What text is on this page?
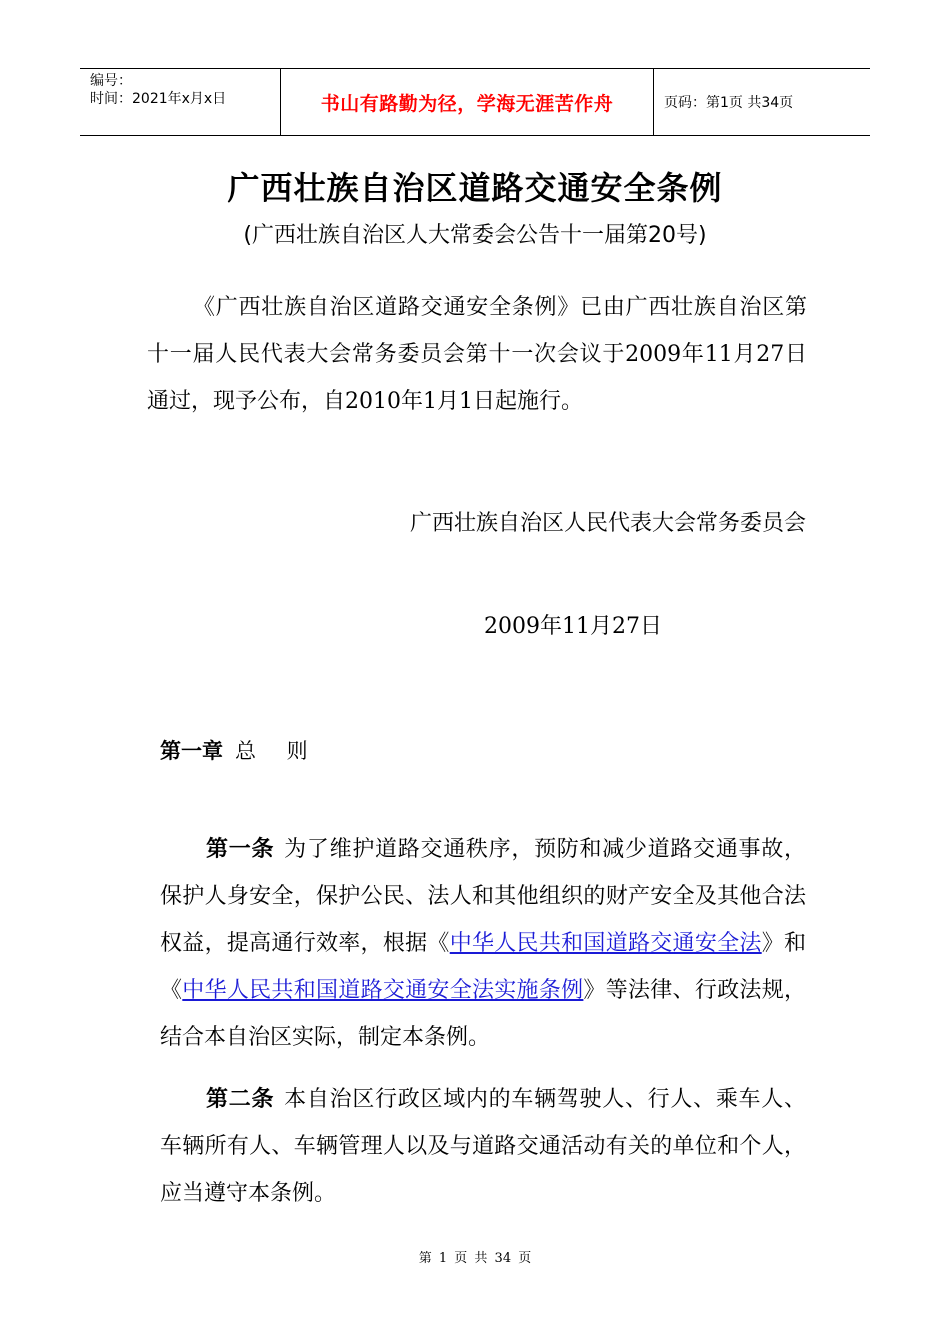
编号：
时间：2021年x月x日	书山有路勤为径，学海无涯苦作舟	页码：第1页 共34页
广西壮族自治区道路交通安全条例
(广西壮族自治区人大常委会公告十一届第20号)
《广西壮族自治区道路交通安全条例》已由广西壮族自治区第十一届人民代表大会常务委员会第十一次会议于2009年11月27日通过，现予公布，自2010年1月1日起施行。
广西壮族自治区人民代表大会常务委员会
2009年11月27日
第一章 总 则
第一条 为了维护道路交通秩序，预防和减少道路交通事故，保护人身安全，保护公民、法人和其他组织的财产安全及其他合法权益，提高通行效率，根据《中华人民共和国道路交通安全法》和《中华人民共和国道路交通安全法实施条例》等法律、行政法规，结合本自治区实际，制定本条例。
第二条 本自治区行政区域内的车辆驾驶人、行人、乘车人、车辆所有人、车辆管理人以及与道路交通活动有关的单位和个人，应当遵守本条例。
第 1 页 共 34 页
